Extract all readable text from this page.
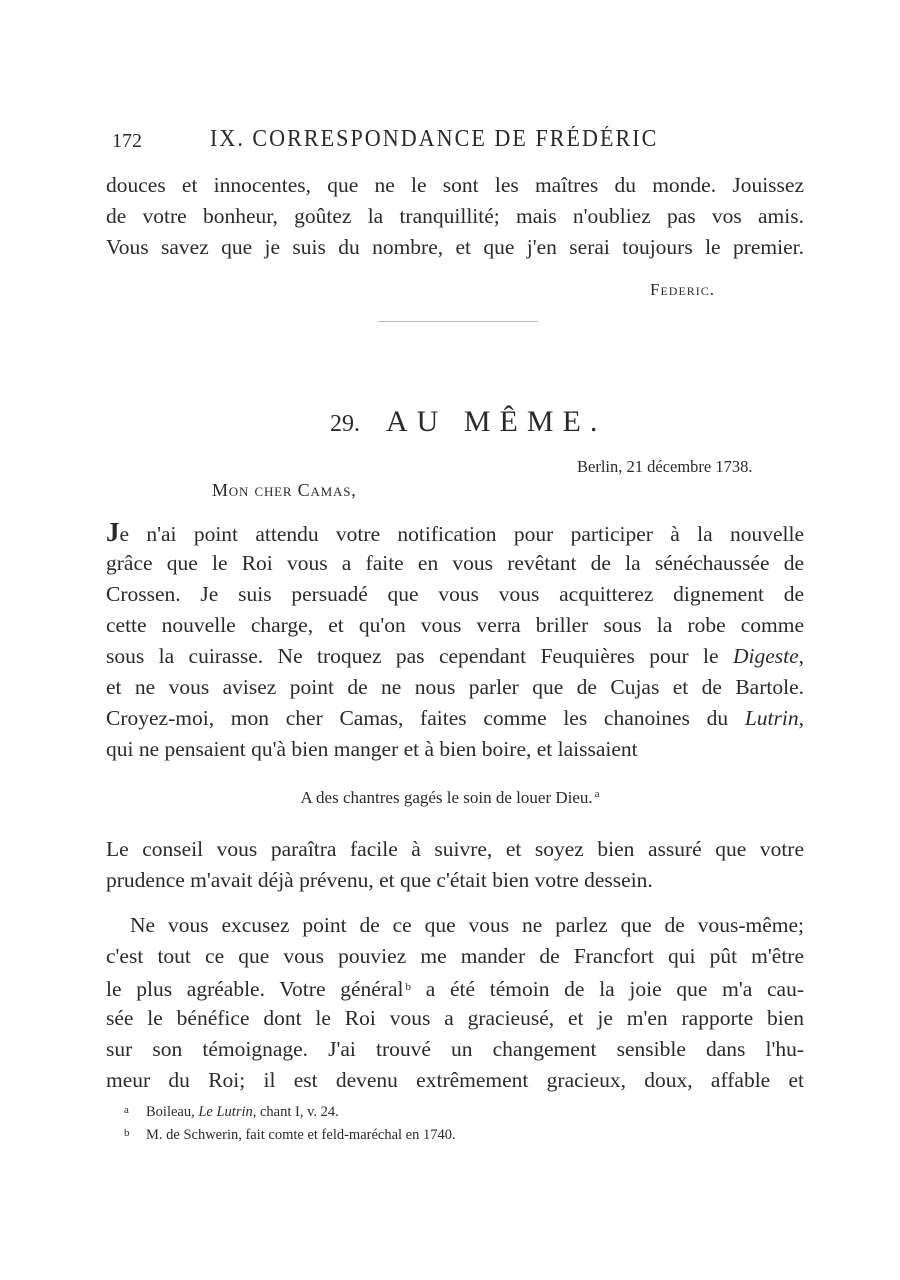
172	IX. CORRESPONDANCE DE FRÉDÉRIC
douces et innocentes, que ne le sont les maîtres du monde. Jouissez
de votre bonheur, goûtez la tranquillité; mais n'oubliez pas vos amis.
Vous savez que je suis du nombre, et que j'en serai toujours le premier.
Federic.
29. AU MÊME.
Berlin, 21 décembre 1738.
Mon cher Camas,
Je n'ai point attendu votre notification pour participer à la nouvelle
grâce que le Roi vous a faite en vous revêtant de la sénéchaussée de
Crossen. Je suis persuadé que vous vous acquitterez dignement de
cette nouvelle charge, et qu'on vous verra briller sous la robe comme
sous la cuirasse. Ne troquez pas cependant Feuquières pour le Digeste,
et ne vous avisez point de ne nous parler que de Cujas et de Bartole.
Croyez-moi, mon cher Camas, faites comme les chanoines du Lutrin,
qui ne pensaient qu'à bien manger et à bien boire, et laissaient
A des chantres gagés le soin de louer Dieu. $^a$
Le conseil vous paraîtra facile à suivre, et soyez bien assuré que votre
prudence m'avait déjà prévenu, et que c'était bien votre dessein.
Ne vous excusez point de ce que vous ne parlez que de vous-même;
c'est tout ce que vous pouviez me mander de Francfort qui pût m'être
le plus agréable. Votre général $^b$ a été témoin de la joie que m'a cau-
sée le bénéfice dont le Roi vous a gracieusé, et je m'en rapporte bien
sur son témoignage. J'ai trouvé un changement sensible dans l'hu-
meur du Roi; il est devenu extrêmement gracieux, doux, affable et
a Boileau, Le Lutrin, chant I, v. 24.
b M. de Schwerin, fait comte et feld-maréchal en 1740.
